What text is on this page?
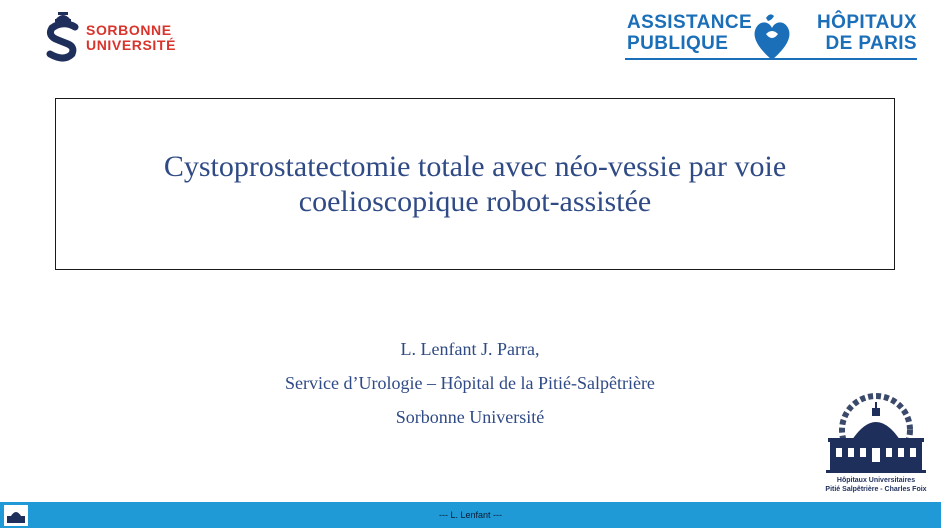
SORBONNE
UNIVERSITÉ
ASSISTANCE
PUBLIQUE
HÔPITAUX
DE PARIS
Cystoprostatectomie totale avec néo-vessie par voie coelioscopique robot-assistée
L. Lenfant J. Parra,
Service d’Urologie – Hôpital de la Pitié-Salpêtrière
Sorbonne Université
Hôpitaux Universitaires
Pitié Salpêtrière - Charles Foix
--- L. Lenfant ---
